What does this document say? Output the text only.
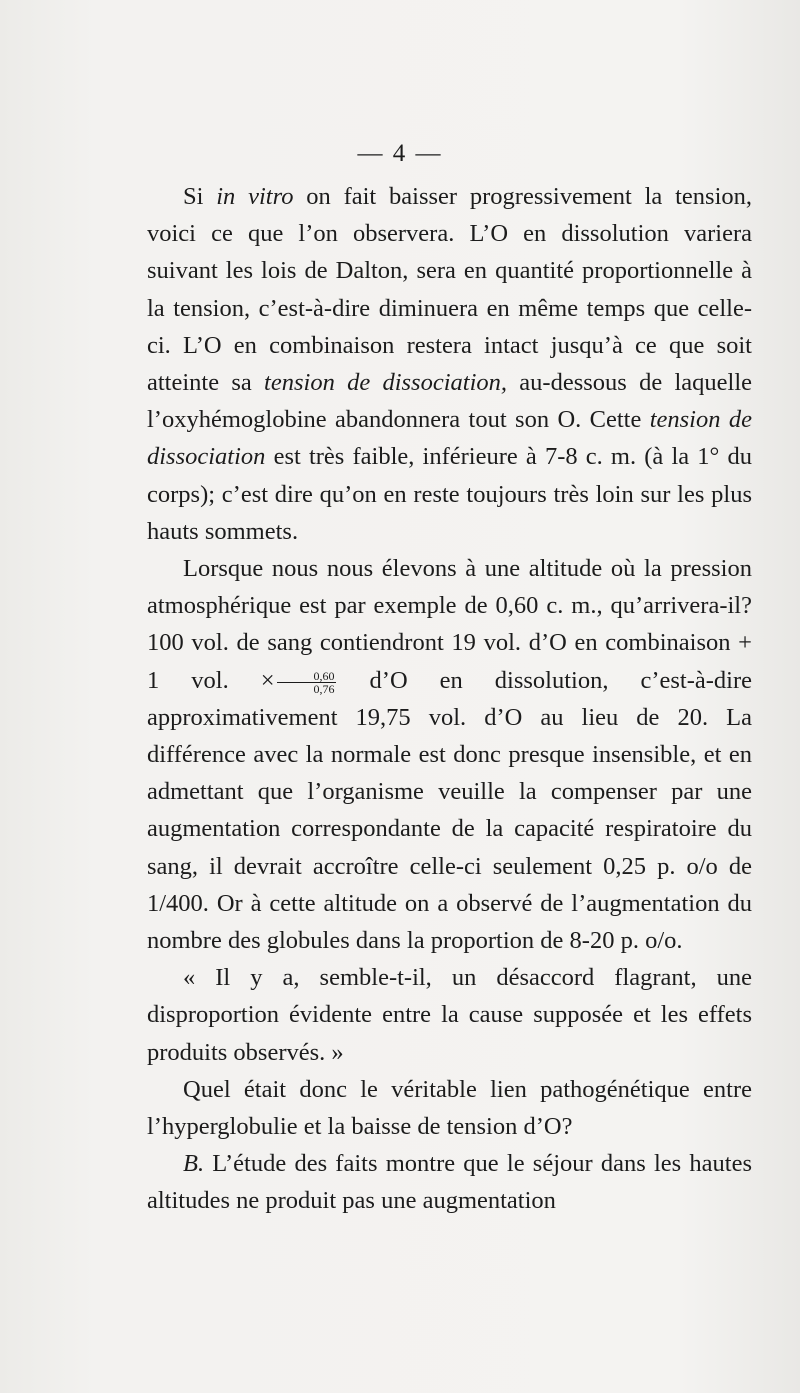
— 4 —

Si in vitro on fait baisser progressivement la tension, voici ce que l’on observera. L’O en dissolution variera suivant les lois de Dalton, sera en quantité proportionnelle à la tension, c’est-à-dire diminuera en même temps que celle-ci. L’O en combinaison restera intact jusqu’à ce que soit atteinte sa tension de dissociation, au-dessous de laquelle l’oxyhémoglobine abandonnera tout son O. Cette tension de dissociation est très faible, inférieure à 7-8 c. m. (à la 1° du corps); c’est dire qu’on en reste toujours très loin sur les plus hauts sommets.

Lorsque nous nous élevons à une altitude où la pression atmosphérique est par exemple de 0,60 c. m., qu’arrivera-il? 100 vol. de sang contiendront 19 vol. d’O en combinaison + 1 vol. × $\frac{0,60}{0,76}$ d’O en dissolution, c’est-à-dire approximativement 19,75 vol. d’O au lieu de 20. La différence avec la normale est donc presque insensible, et en admettant que l’organisme veuille la compenser par une augmentation correspondante de la capacité respiratoire du sang, il devrait accroître celle-ci seulement 0,25 p. o/o de 1/400. Or à cette altitude on a observé de l’augmentation du nombre des globules dans la proportion de 8-20 p. o/o.

« Il y a, semble-t-il, un désaccord flagrant, une disproportion évidente entre la cause supposée et les effets produits observés. »

Quel était donc le véritable lien pathogénétique entre l’hyperglobulie et la baisse de tension d’O?

B. L’étude des faits montre que le séjour dans les hautes altitudes ne produit pas une augmentation
